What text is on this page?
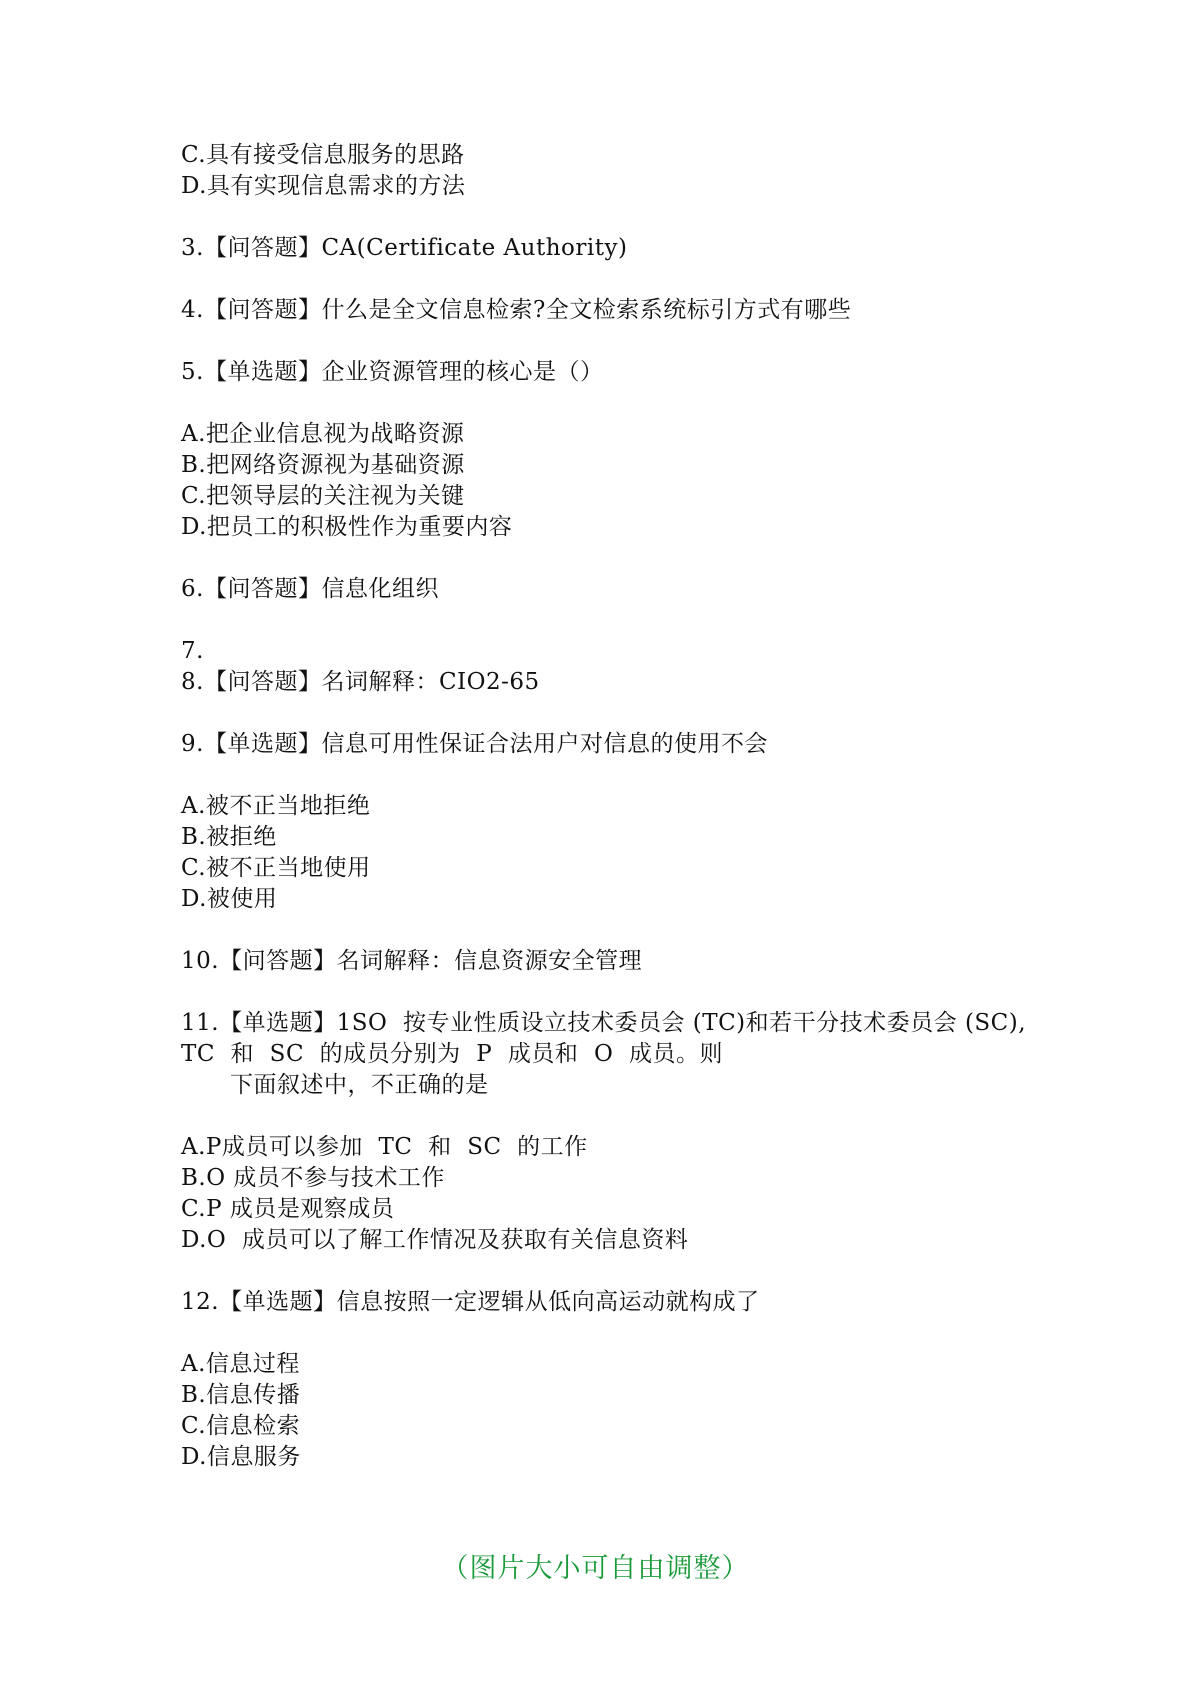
C.具有接受信息服务的思路
D.具有实现信息需求的方法
3.【问答题】CA(Certificate Authority)
4.【问答题】什么是全文信息检索?全文检索系统标引方式有哪些
5.【单选题】企业资源管理的核心是（）
A.把企业信息视为战略资源
B.把网络资源视为基础资源
C.把领导层的关注视为关键
D.把员工的积极性作为重要内容
6.【问答题】信息化组织
7.
8.【问答题】名词解释：CIO2-65
9.【单选题】信息可用性保证合法用户对信息的使用不会
A.被不正当地拒绝
B.被拒绝
C.被不正当地使用
D.被使用
10.【问答题】名词解释：信息资源安全管理
11.【单选题】1SO  按专业性质设立技术委员会 (TC)和若干分技术委员会 (SC),
TC  和  SC  的成员分别为  P  成员和  O  成员。则
下面叙述中，不正确的是
A.P成员可以参加  TC  和  SC  的工作
B.O 成员不参与技术工作
C.P 成员是观察成员
D.O  成员可以了解工作情况及获取有关信息资料
12.【单选题】信息按照一定逻辑从低向高运动就构成了
A.信息过程
B.信息传播
C.信息检索
D.信息服务
（图片大小可自由调整）
